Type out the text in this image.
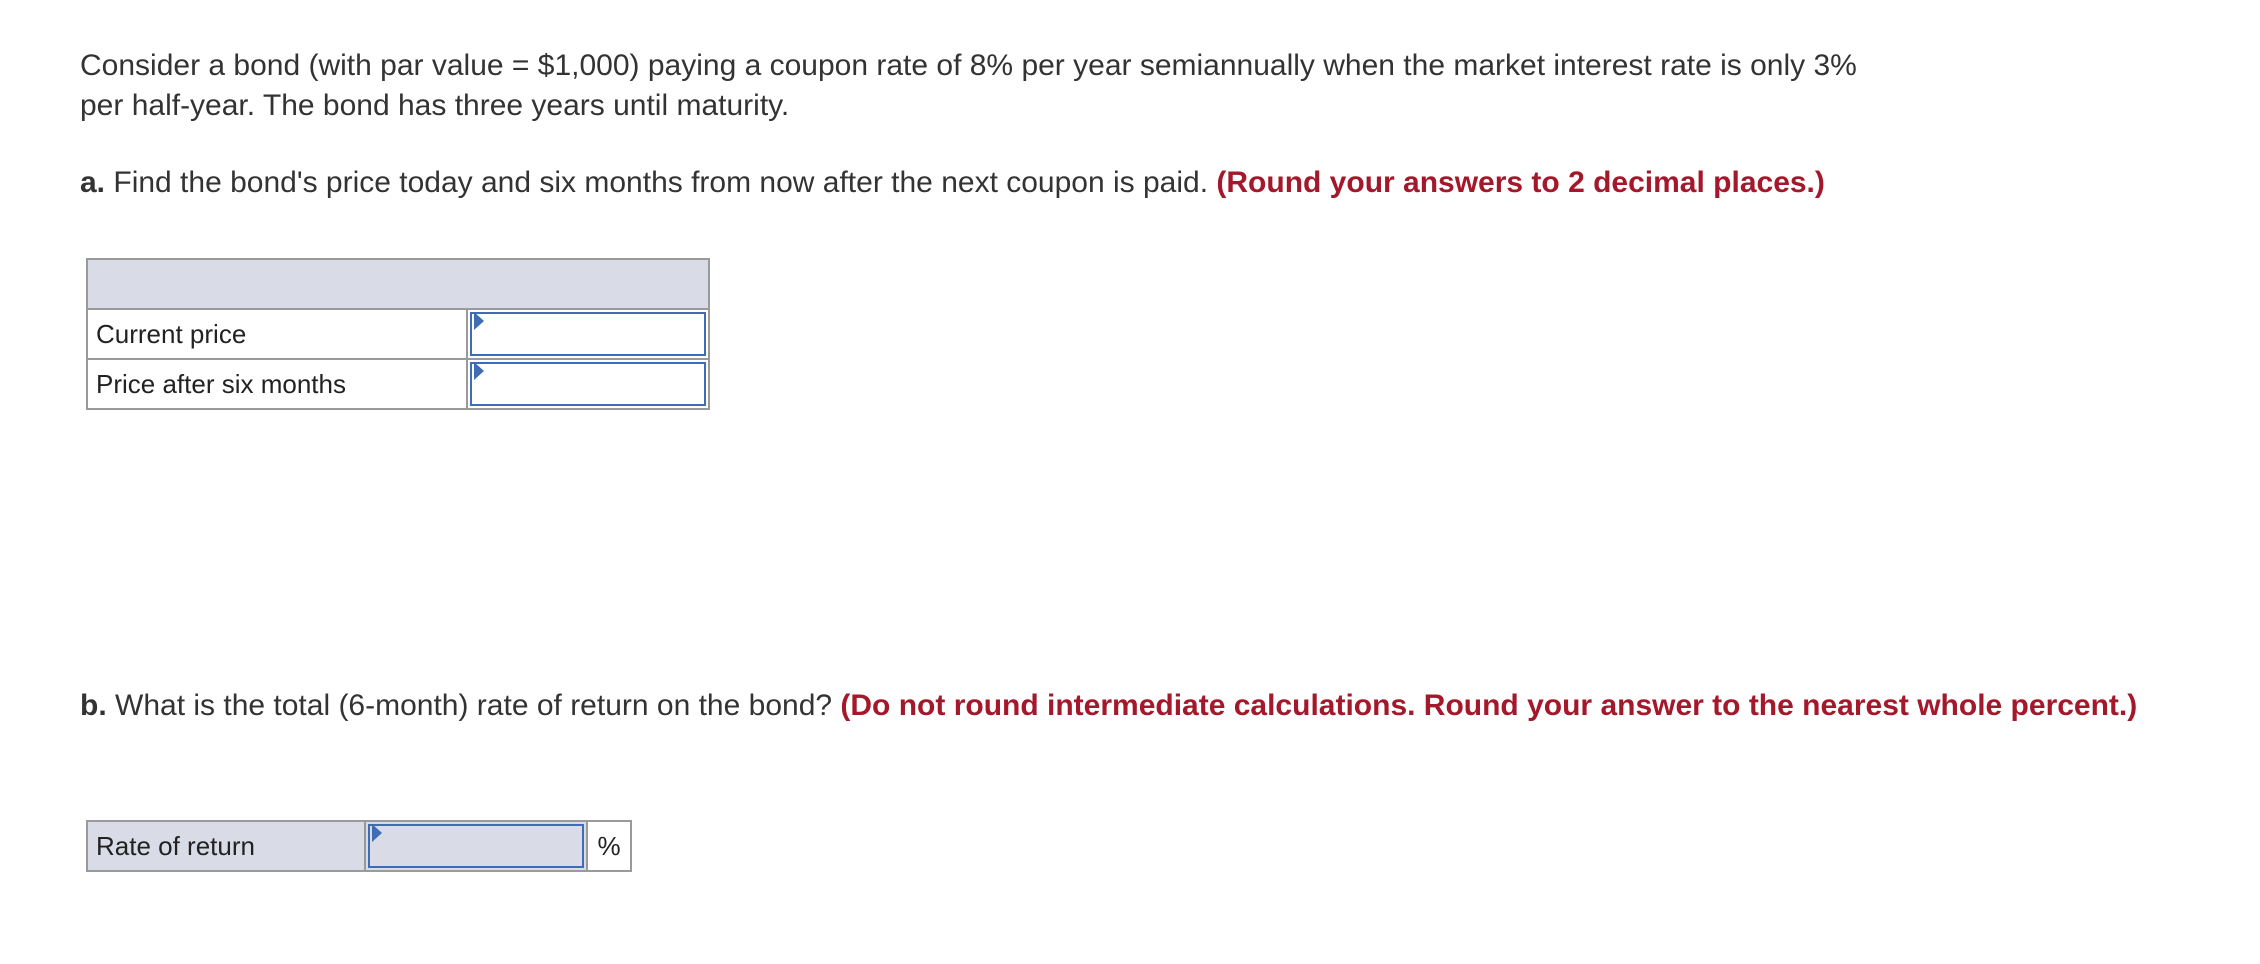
Consider a bond (with par value = $1,000) paying a coupon rate of 8% per year semiannually when the market interest rate is only 3%
per half-year. The bond has three years until maturity.

a. Find the bond's price today and six months from now after the next coupon is paid. (Round your answers to 2 decimal places.)

Current price	

Price after six months	

b. What is the total (6-month) rate of return on the bond? (Do not round intermediate calculations. Round your answer to the nearest whole percent.)

Rate of return		%
